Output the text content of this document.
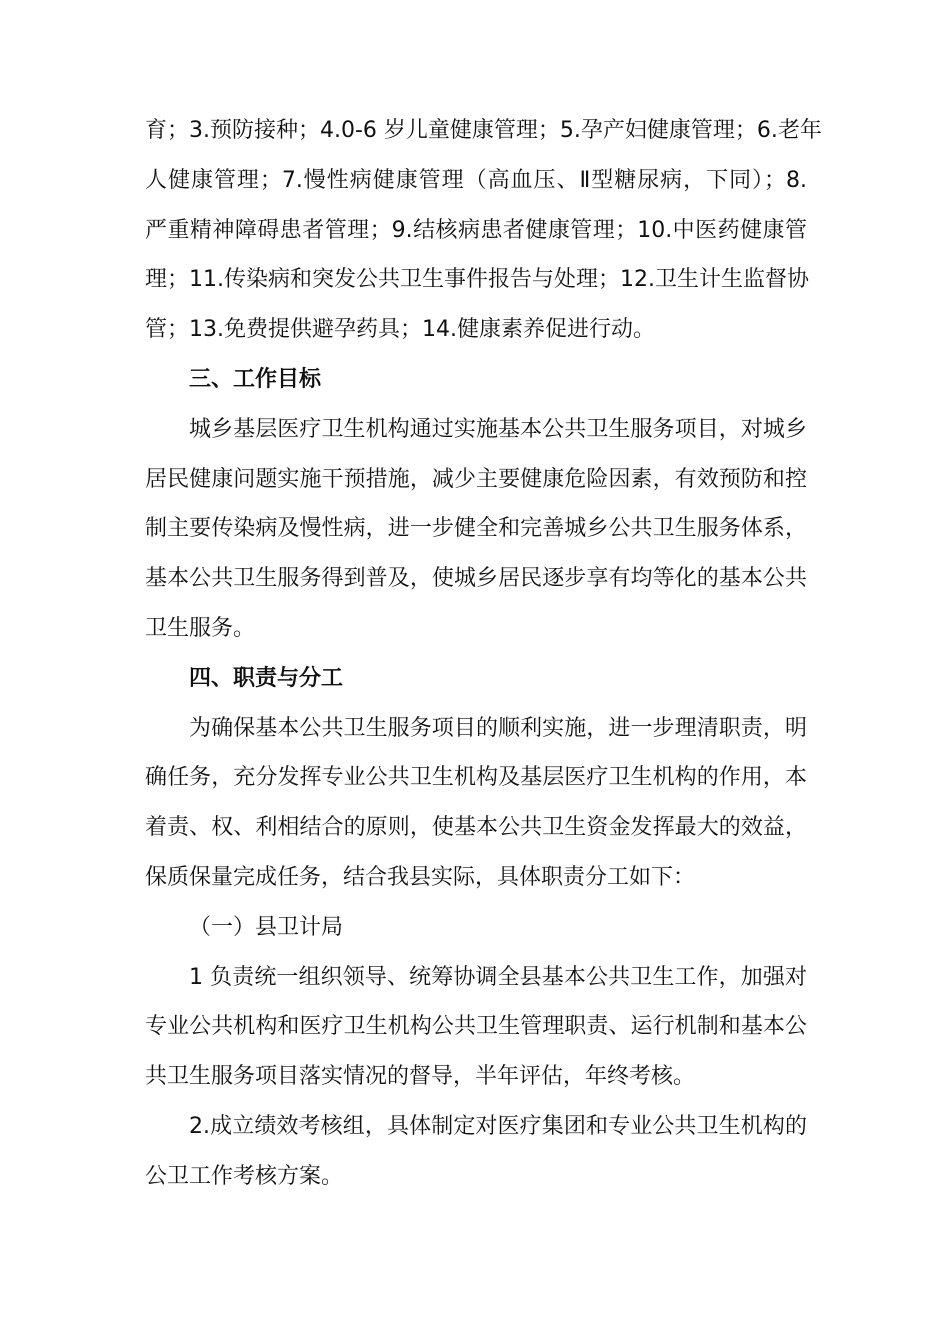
育；3.预防接种；4.0-6 岁儿童健康管理；5.孕产妇健康管理；6.老年
人健康管理；7.慢性病健康管理（高血压、Ⅱ型糖尿病，下同）；8.
严重精神障碍患者管理；9.结核病患者健康管理；10.中医药健康管
理；11.传染病和突发公共卫生事件报告与处理；12.卫生计生监督协
管；13.免费提供避孕药具；14.健康素养促进行动。
三、工作目标
城乡基层医疗卫生机构通过实施基本公共卫生服务项目，对城乡
居民健康问题实施干预措施，减少主要健康危险因素，有效预防和控
制主要传染病及慢性病，进一步健全和完善城乡公共卫生服务体系，
基本公共卫生服务得到普及，使城乡居民逐步享有均等化的基本公共
卫生服务。
四、职责与分工
为确保基本公共卫生服务项目的顺利实施，进一步理清职责，明
确任务，充分发挥专业公共卫生机构及基层医疗卫生机构的作用，本
着责、权、利相结合的原则，使基本公共卫生资金发挥最大的效益，
保质保量完成任务，结合我县实际，具体职责分工如下：
（一）县卫计局
1 负责统一组织领导、统筹协调全县基本公共卫生工作，加强对
专业公共机构和医疗卫生机构公共卫生管理职责、运行机制和基本公
共卫生服务项目落实情况的督导，半年评估，年终考核。
2.成立绩效考核组，具体制定对医疗集团和专业公共卫生机构的
公卫工作考核方案。
